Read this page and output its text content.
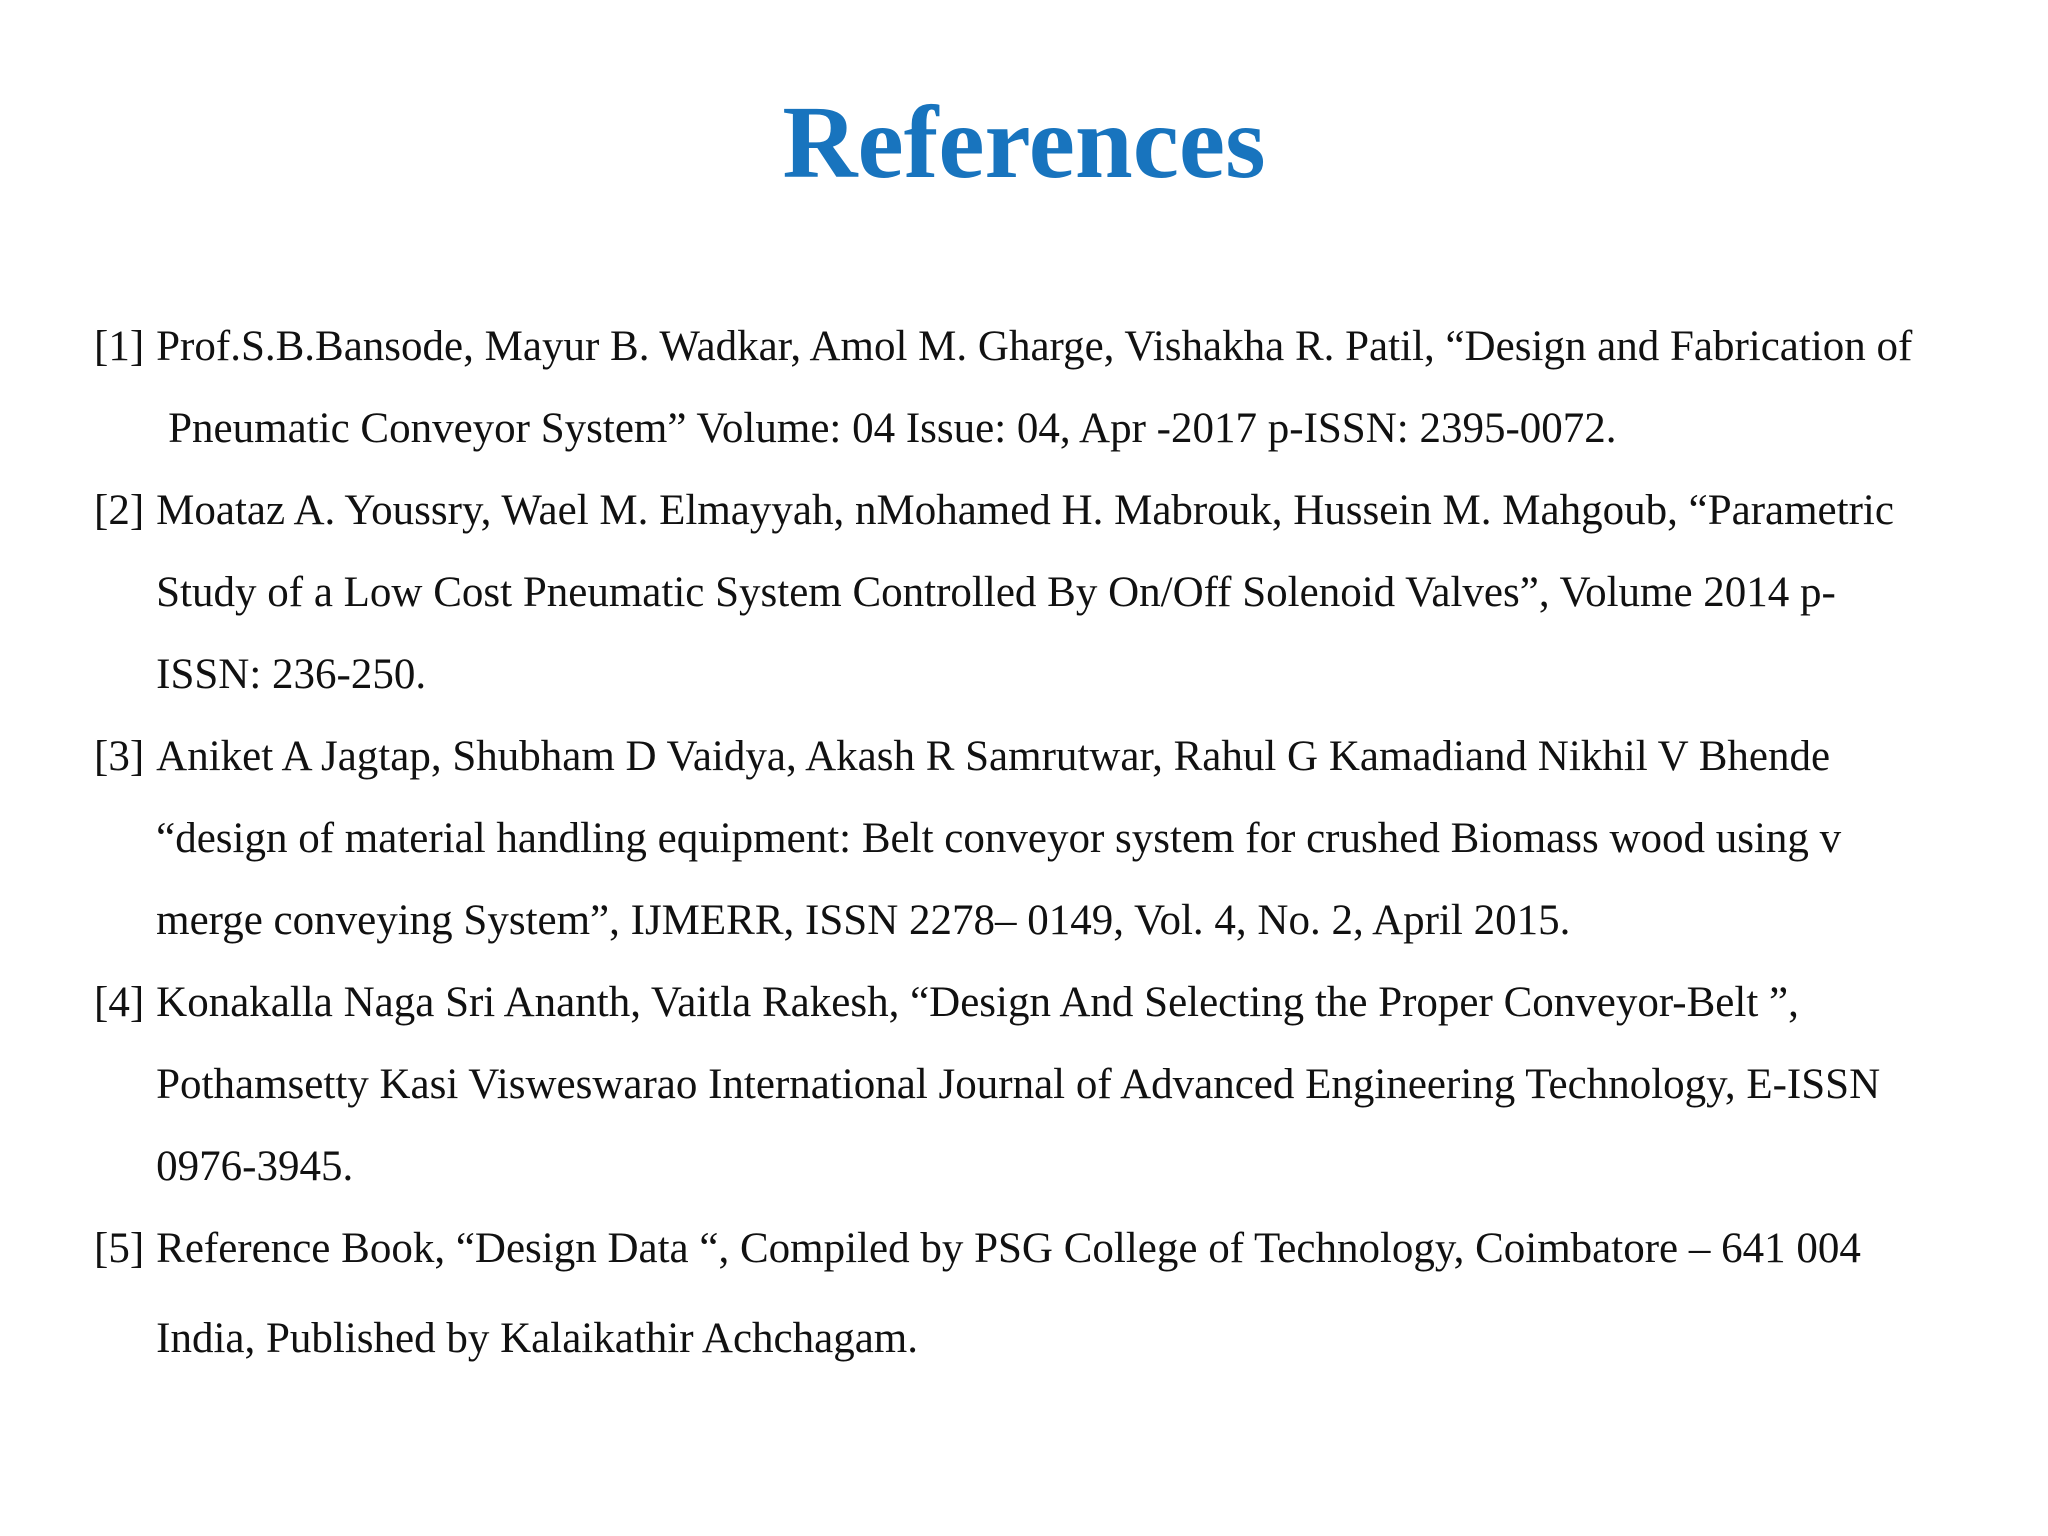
References
[1] Prof.S.B.Bansode, Mayur B. Wadkar, Amol M. Gharge, Vishakha R. Patil, “Design and Fabrication of
Pneumatic Conveyor System” Volume: 04 Issue: 04, Apr -2017 p-ISSN: 2395-0072.
[2] Moataz A. Youssry, Wael M. Elmayyah, nMohamed H. Mabrouk, Hussein M. Mahgoub, “Parametric
Study of a Low Cost Pneumatic System Controlled By On/Off Solenoid Valves”, Volume 2014 p-
ISSN: 236-250.
[3] Aniket A Jagtap, Shubham D Vaidya, Akash R Samrutwar, Rahul G Kamadiand Nikhil V Bhende
“design of material handling equipment: Belt conveyor system for crushed Biomass wood using v
merge conveying System”, IJMERR, ISSN 2278– 0149, Vol. 4, No. 2, April 2015.
[4] Konakalla Naga Sri Ananth, Vaitla Rakesh, “Design And Selecting the Proper Conveyor-Belt ”,
Pothamsetty Kasi Visweswarao International Journal of Advanced Engineering Technology, E-ISSN
0976-3945.
[5] Reference Book, “Design Data “, Compiled by PSG College of Technology, Coimbatore – 641 004
India, Published by Kalaikathir Achchagam.
